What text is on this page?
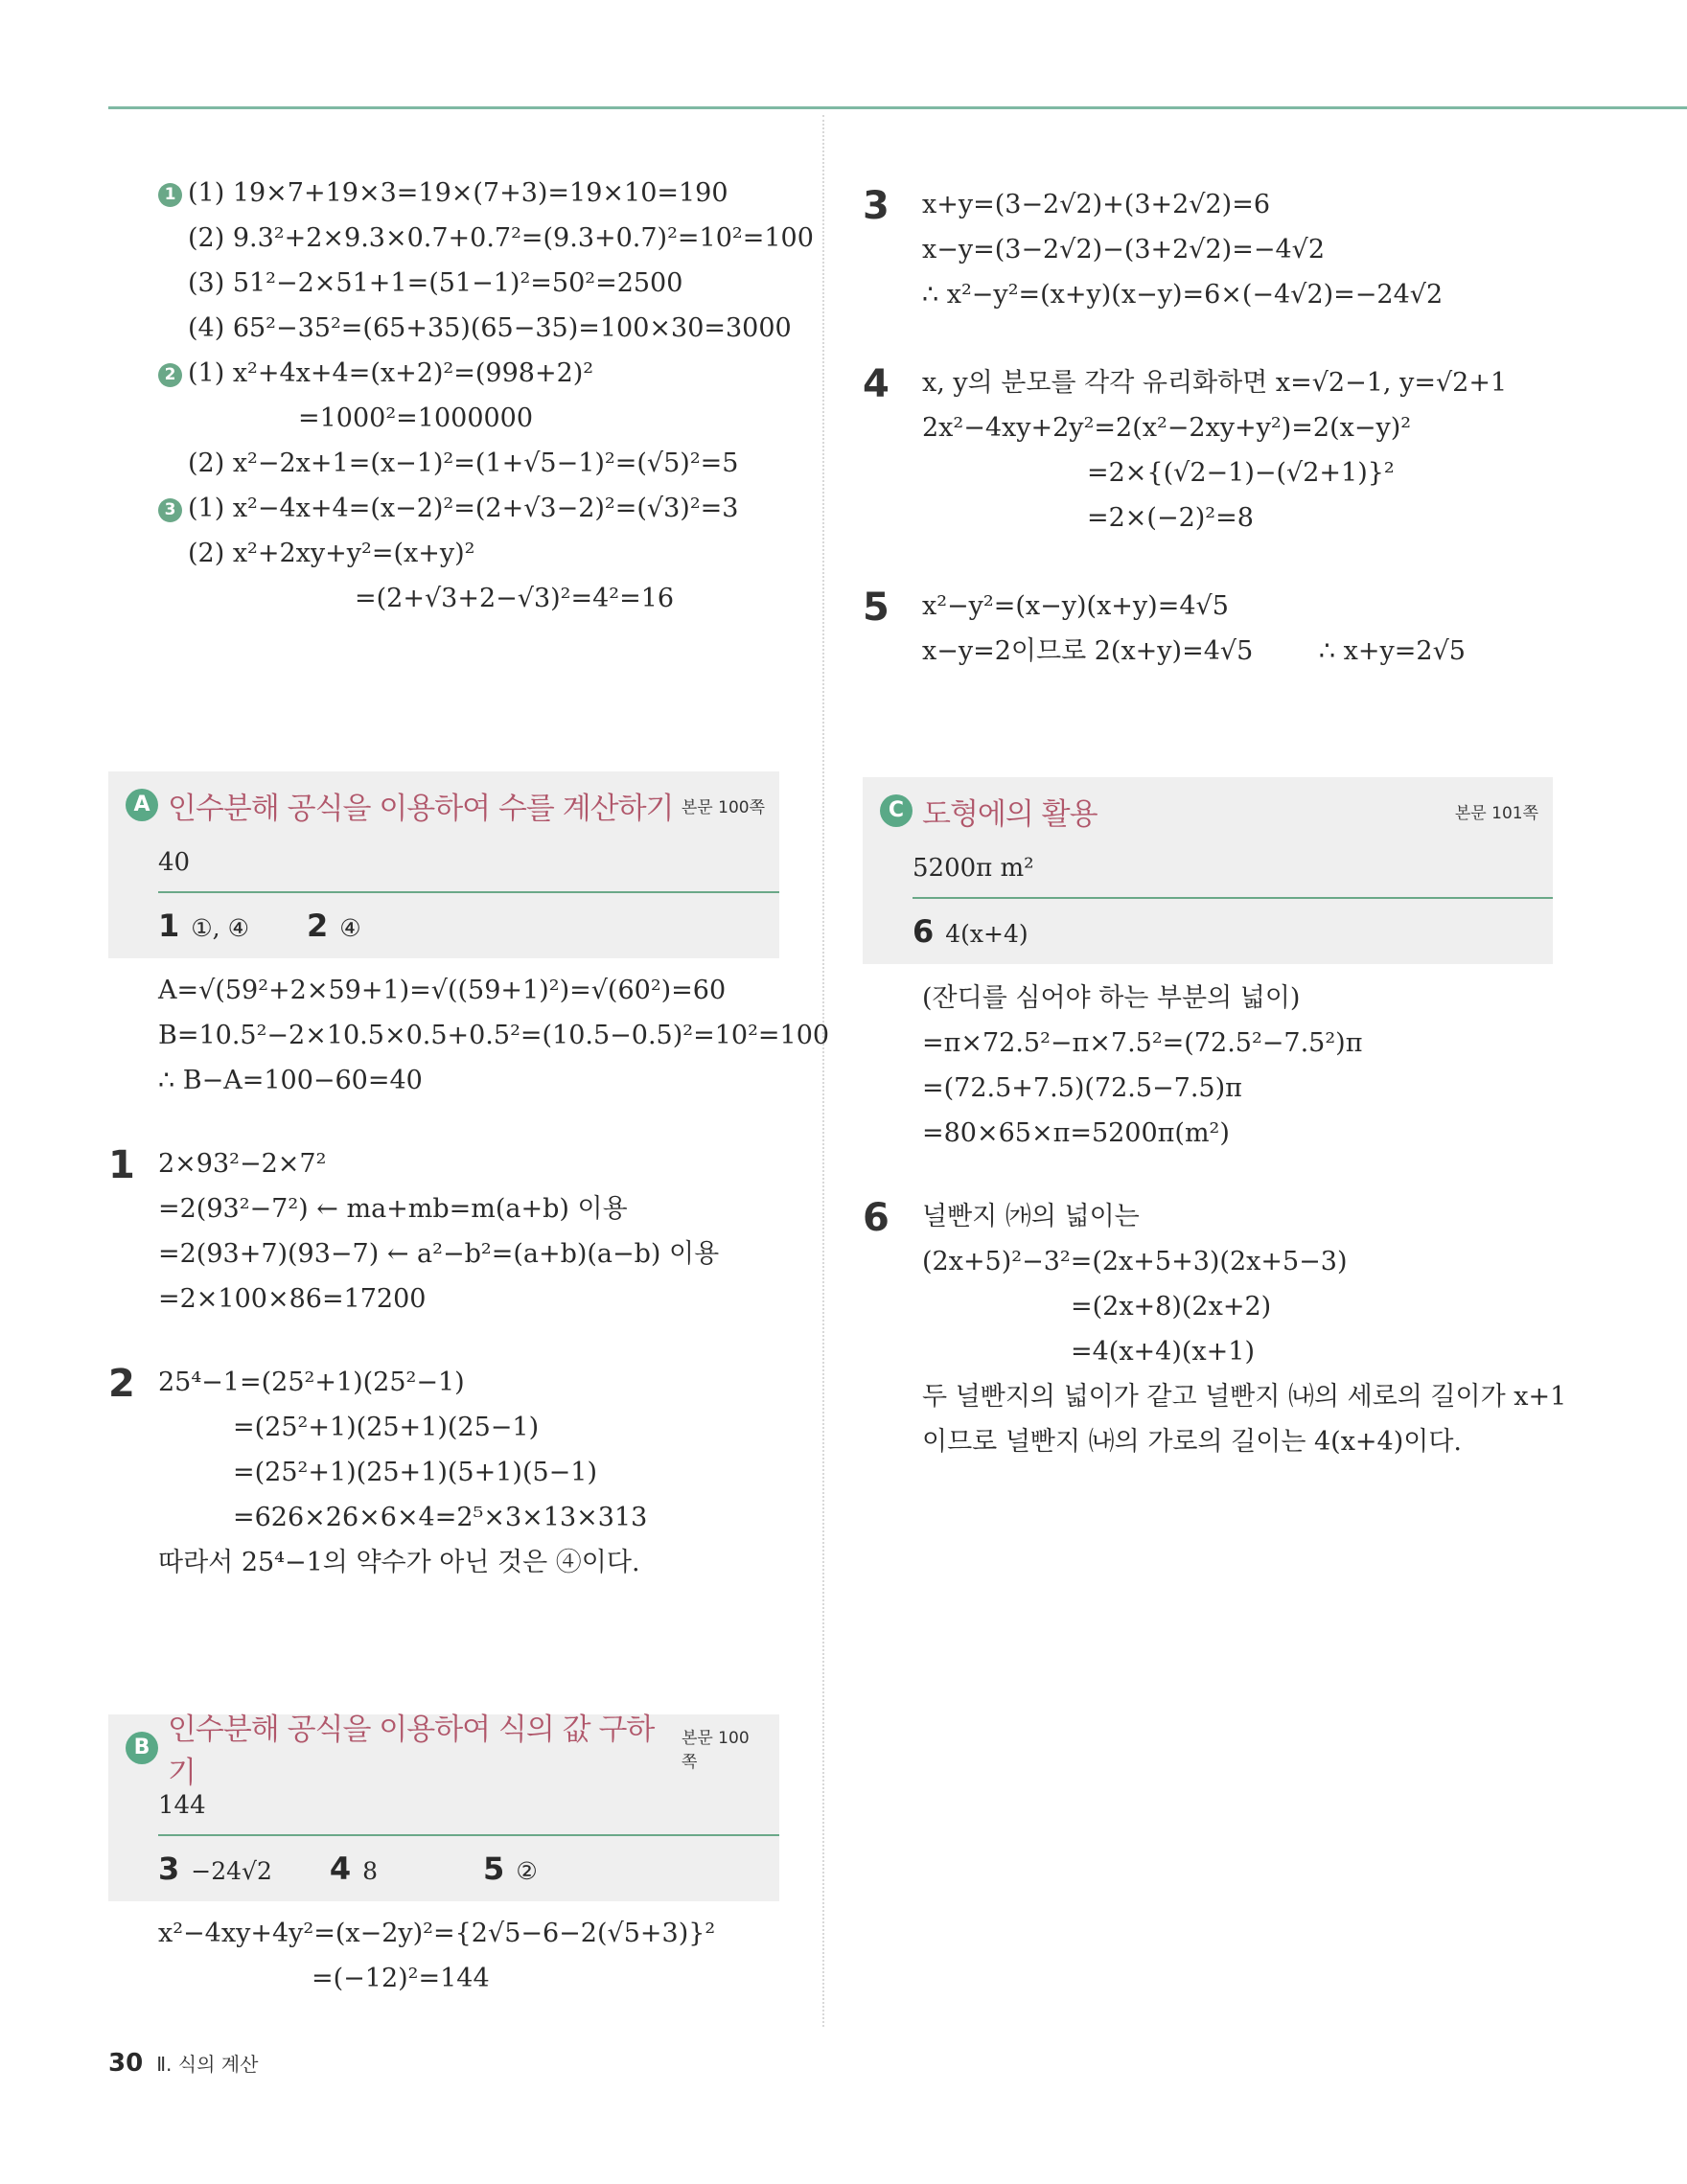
1 (1) 19×7+19×3=19×(7+3)=19×10=190
(2) 9.3²+2×9.3×0.7+0.7²=(9.3+0.7)²=10²=100
(3) 51²−2×51+1=(51−1)²=50²=2500
(4) 65²−35²=(65+35)(65−35)=100×30=3000
2 (1) x²+4x+4=(x+2)²=(998+2)²
=1000²=1000000
(2) x²−2x+1=(x−1)²=(1+√5−1)²=(√5)²=5
3 (1) x²−4x+4=(x−2)²=(2+√3−2)²=(√3)²=3
(2) x²+2xy+y²=(x+y)²
=(2+√3+2−√3)²=4²=16
A 인수분해 공식을 이용하여 수를 계산하기 본문 100쪽
40
1 ①, ④ 2 ④
A=√(59²+2×59+1)=√((59+1)²)=√(60²)=60
B=10.5²−2×10.5×0.5+0.5²=(10.5−0.5)²=10²=100
∴ B−A=100−60=40
1 2×93²−2×7²
=2(93²−7²) ← ma+mb=m(a+b) 이용
=2(93+7)(93−7) ← a²−b²=(a+b)(a−b) 이용
=2×100×86=17200
2 25⁴−1=(25²+1)(25²−1)
=(25²+1)(25+1)(25−1)
=(25²+1)(25+1)(5+1)(5−1)
=626×26×6×4=2⁵×3×13×313
따라서 25⁴−1의 약수가 아닌 것은 ④이다.
B
인수분해 공식을 이용하여 식의 값 구하기
본문 100쪽
144
3 −24√2 4 8	5 ②
x²−4xy+4y²=(x−2y)²={2√5−6−2(√5+3)}²
=(−12)²=144
3 x+y=(3−2√2)+(3+2√2)=6
x−y=(3−2√2)−(3+2√2)=−4√2
∴ x²−y²=(x+y)(x−y)=6×(−4√2)=−24√2
4 x, y의 분모를 각각 유리화하면 x=√2−1, y=√2+1
2x²−4xy+2y²=2(x²−2xy+y²)=2(x−y)²
=2×{(√2−1)−(√2+1)}²
=2×(−2)²=8
5 x²−y²=(x−y)(x+y)=4√5
x−y=2이므로 2(x+y)=4√5        ∴ x+y=2√5
C 도형에의 활용	본문 101쪽
5200π m²
6 4(x+4)
(잔디를 심어야 하는 부분의 넓이)
=π×72.5²−π×7.5²=(72.5²−7.5²)π
=(72.5+7.5)(72.5−7.5)π
=80×65×π=5200π(m²)
6 널빤지 ㈎의 넓이는
(2x+5)²−3²=(2x+5+3)(2x+5−3)
=(2x+8)(2x+2)
=4(x+4)(x+1)
두 널빤지의 넓이가 같고 널빤지 ㈏의 세로의 길이가 x+1
이므로 널빤지 ㈏의 가로의 길이는 4(x+4)이다.
30 Ⅱ. 식의 계산
